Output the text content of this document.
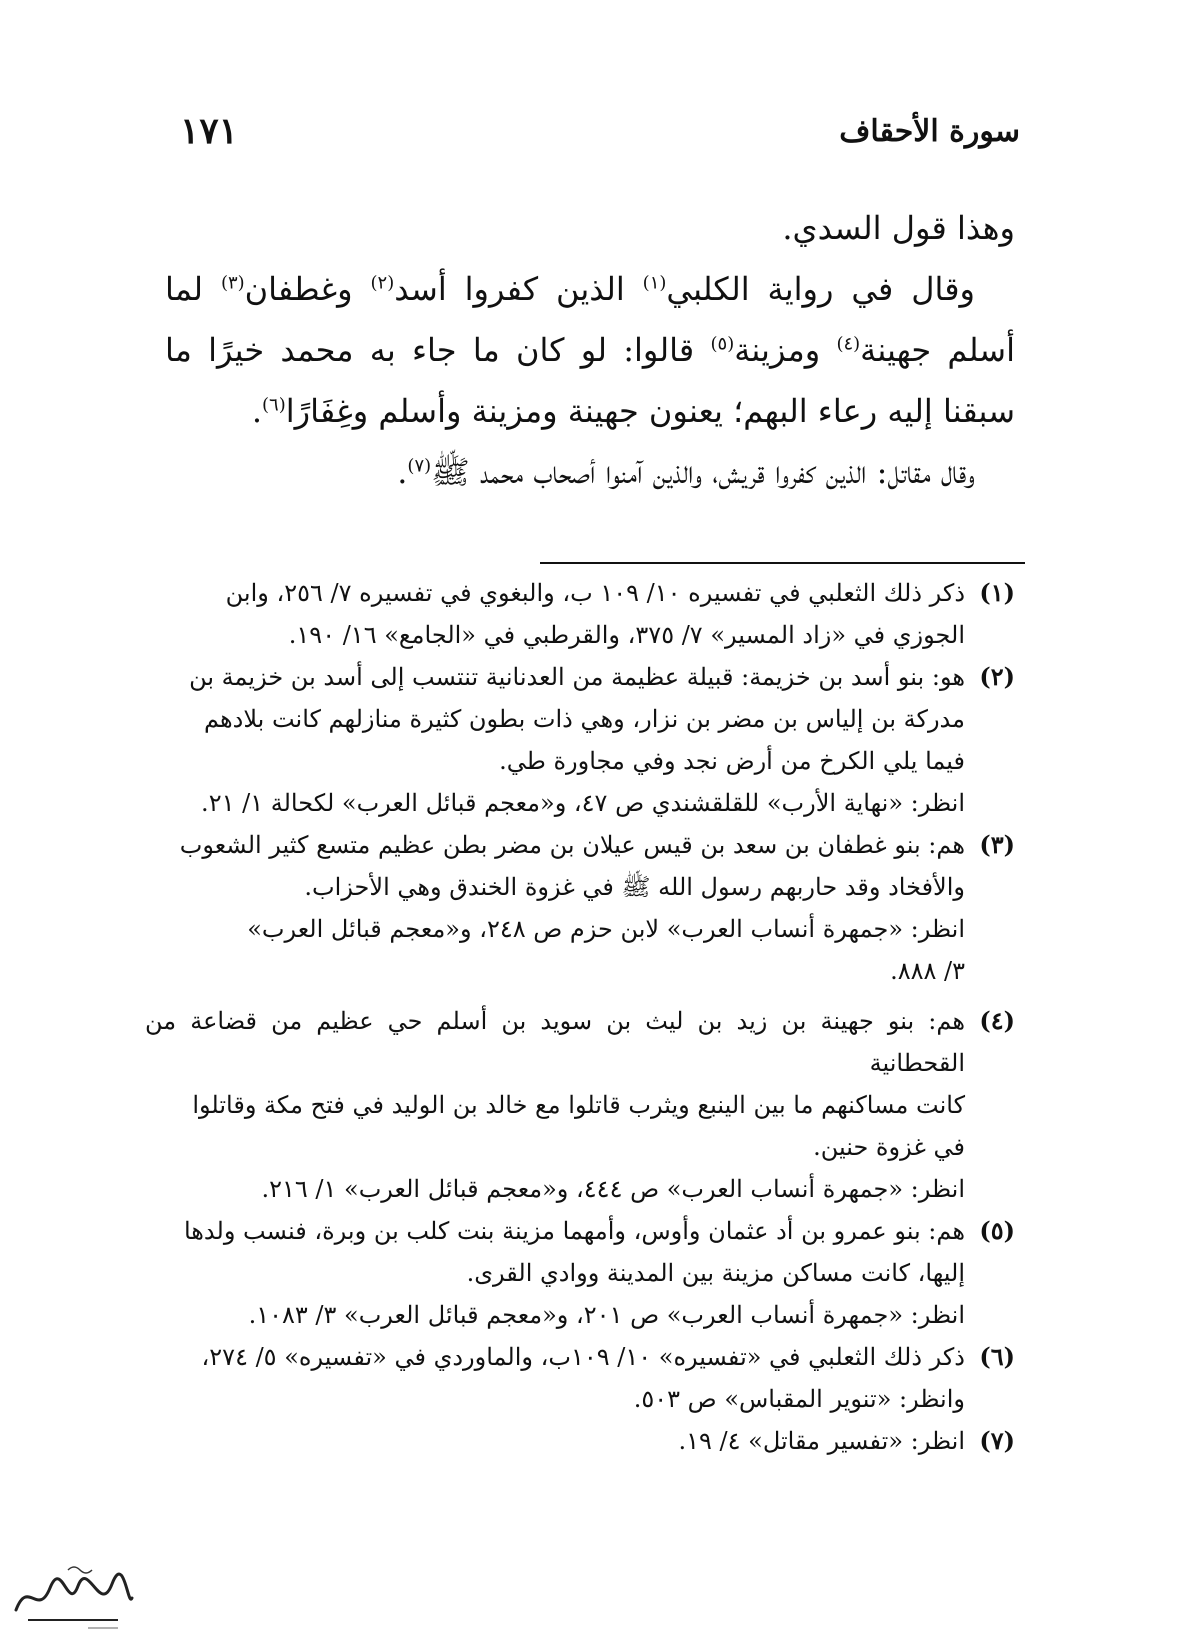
سورة الأحقاف
١٧١

وهذا قول السدي.

وقال في رواية الكلبي$^{(١)}$ الذين كفروا أسد$^{(٢)}$ وغطفان$^{(٣)}$ لما أسلم جهينة$^{(٤)}$ ومزينة$^{(٥)}$ قالوا: لو كان ما جاء به محمد خيرًا ما سبقنا إليه رعاء البهم؛ يعنون جهينة ومزينة وأسلم وغِفَارًا$^{(٦)}$.

وقال مقاتل: الذين كفروا قريش، والذين آمنوا أصحاب محمد ﷺ$^{(٧)}$.

(١)
ذكر ذلك الثعلبي في تفسيره ١٠/ ١٠٩ ب، والبغوي في تفسيره ٧/ ٢٥٦، وابن
الجوزي في «زاد المسير» ٧/ ٣٧٥، والقرطبي في «الجامع» ١٦/ ١٩٠.
(٢)
هو: بنو أسد بن خزيمة: قبيلة عظيمة من العدنانية تنتسب إلى أسد بن خزيمة بن
مدركة بن إلياس بن مضر بن نزار، وهي ذات بطون كثيرة منازلهم كانت بلادهم
فيما يلي الكرخ من أرض نجد وفي مجاورة طي.
انظر: «نهاية الأرب» للقلقشندي ص ٤٧، و«معجم قبائل العرب» لكحالة ١/ ٢١.
(٣)
هم: بنو غطفان بن سعد بن قيس عيلان بن مضر بطن عظيم متسع كثير الشعوب
والأفخاد وقد حاربهم رسول الله ﷺ في غزوة الخندق وهي الأحزاب.
انظر: «جمهرة أنساب العرب» لابن حزم ص ٢٤٨، و«معجم قبائل العرب»
٣/ ٨٨٨.
(٤)
هم: بنو جهينة بن زيد بن ليث بن سويد بن أسلم حي عظيم من قضاعة من القحطانية
كانت مساكنهم ما بين الينبع ويثرب قاتلوا مع خالد بن الوليد في فتح مكة وقاتلوا
في غزوة حنين.
انظر: «جمهرة أنساب العرب» ص ٤٤٤، و«معجم قبائل العرب» ١/ ٢١٦.
(٥)
هم: بنو عمرو بن أد عثمان وأوس، وأمهما مزينة بنت كلب بن وبرة، فنسب ولدها
إليها، كانت مساكن مزينة بين المدينة ووادي القرى.
انظر: «جمهرة أنساب العرب» ص ٢٠١، و«معجم قبائل العرب» ٣/ ١٠٨٣.
(٦)
ذكر ذلك الثعلبي في «تفسيره» ١٠/ ١٠٩ب، والماوردي في «تفسيره» ٥/ ٢٧٤،
وانظر: «تنوير المقباس» ص ٥٠٣.
(٧)
انظر: «تفسير مقاتل» ٤/ ١٩.
